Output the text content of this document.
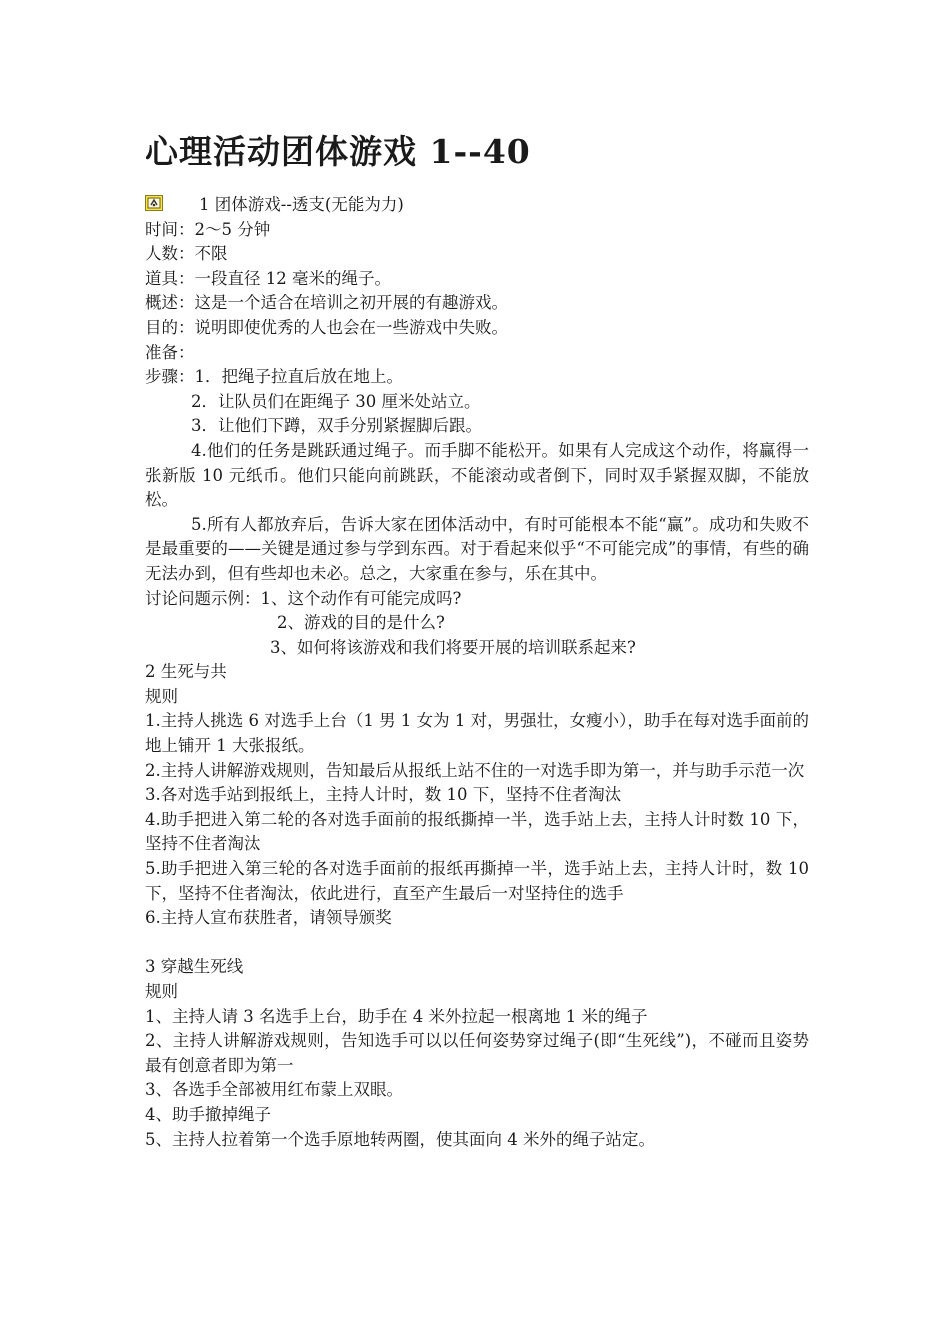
心理活动团体游戏 1--40
1 团体游戏--透支(无能为力)
时间：2～5 分钟
人数：不限
道具：一段直径 12 毫米的绳子。
概述：这是一个适合在培训之初开展的有趣游戏。
目的：说明即使优秀的人也会在一些游戏中失败。
准备：
步骤：1．把绳子拉直后放在地上。
2．让队员们在距绳子 30 厘米处站立。
3．让他们下蹲，双手分别紧握脚后跟。
4.他们的任务是跳跃通过绳子。而手脚不能松开。如果有人完成这个动作，将赢得一张新版 10 元纸币。他们只能向前跳跃，不能滚动或者倒下，同时双手紧握双脚，不能放松。
5.所有人都放弃后，告诉大家在团体活动中，有时可能根本不能“赢”。成功和失败不是最重要的——关键是通过参与学到东西。对于看起来似乎“不可能完成”的事情，有些的确无法办到，但有些却也未必。总之，大家重在参与，乐在其中。
讨论问题示例：1、这个动作有可能完成吗?
2、游戏的目的是什么?
3、如何将该游戏和我们将要开展的培训联系起来?
2 生死与共
规则
1.主持人挑选 6 对选手上台（1 男 1 女为 1 对，男强壮，女瘦小），助手在每对选手面前的地上铺开 1 大张报纸。
2.主持人讲解游戏规则，告知最后从报纸上站不住的一对选手即为第一，并与助手示范一次
3.各对选手站到报纸上，主持人计时，数 10 下，坚持不住者淘汰
4.助手把进入第二轮的各对选手面前的报纸撕掉一半，选手站上去，主持人计时数 10 下，坚持不住者淘汰
5.助手把进入第三轮的各对选手面前的报纸再撕掉一半，选手站上去，主持人计时，数 10 下，坚持不住者淘汰，依此进行，直至产生最后一对坚持住的选手
6.主持人宣布获胜者，请领导颁奖
3 穿越生死线
规则
1、主持人请 3 名选手上台，助手在 4 米外拉起一根离地 1 米的绳子
2、主持人讲解游戏规则，告知选手可以以任何姿势穿过绳子(即“生死线”)，不碰而且姿势最有创意者即为第一
3、各选手全部被用红布蒙上双眼。
4、助手撤掉绳子
5、主持人拉着第一个选手原地转两圈，使其面向 4 米外的绳子站定。
